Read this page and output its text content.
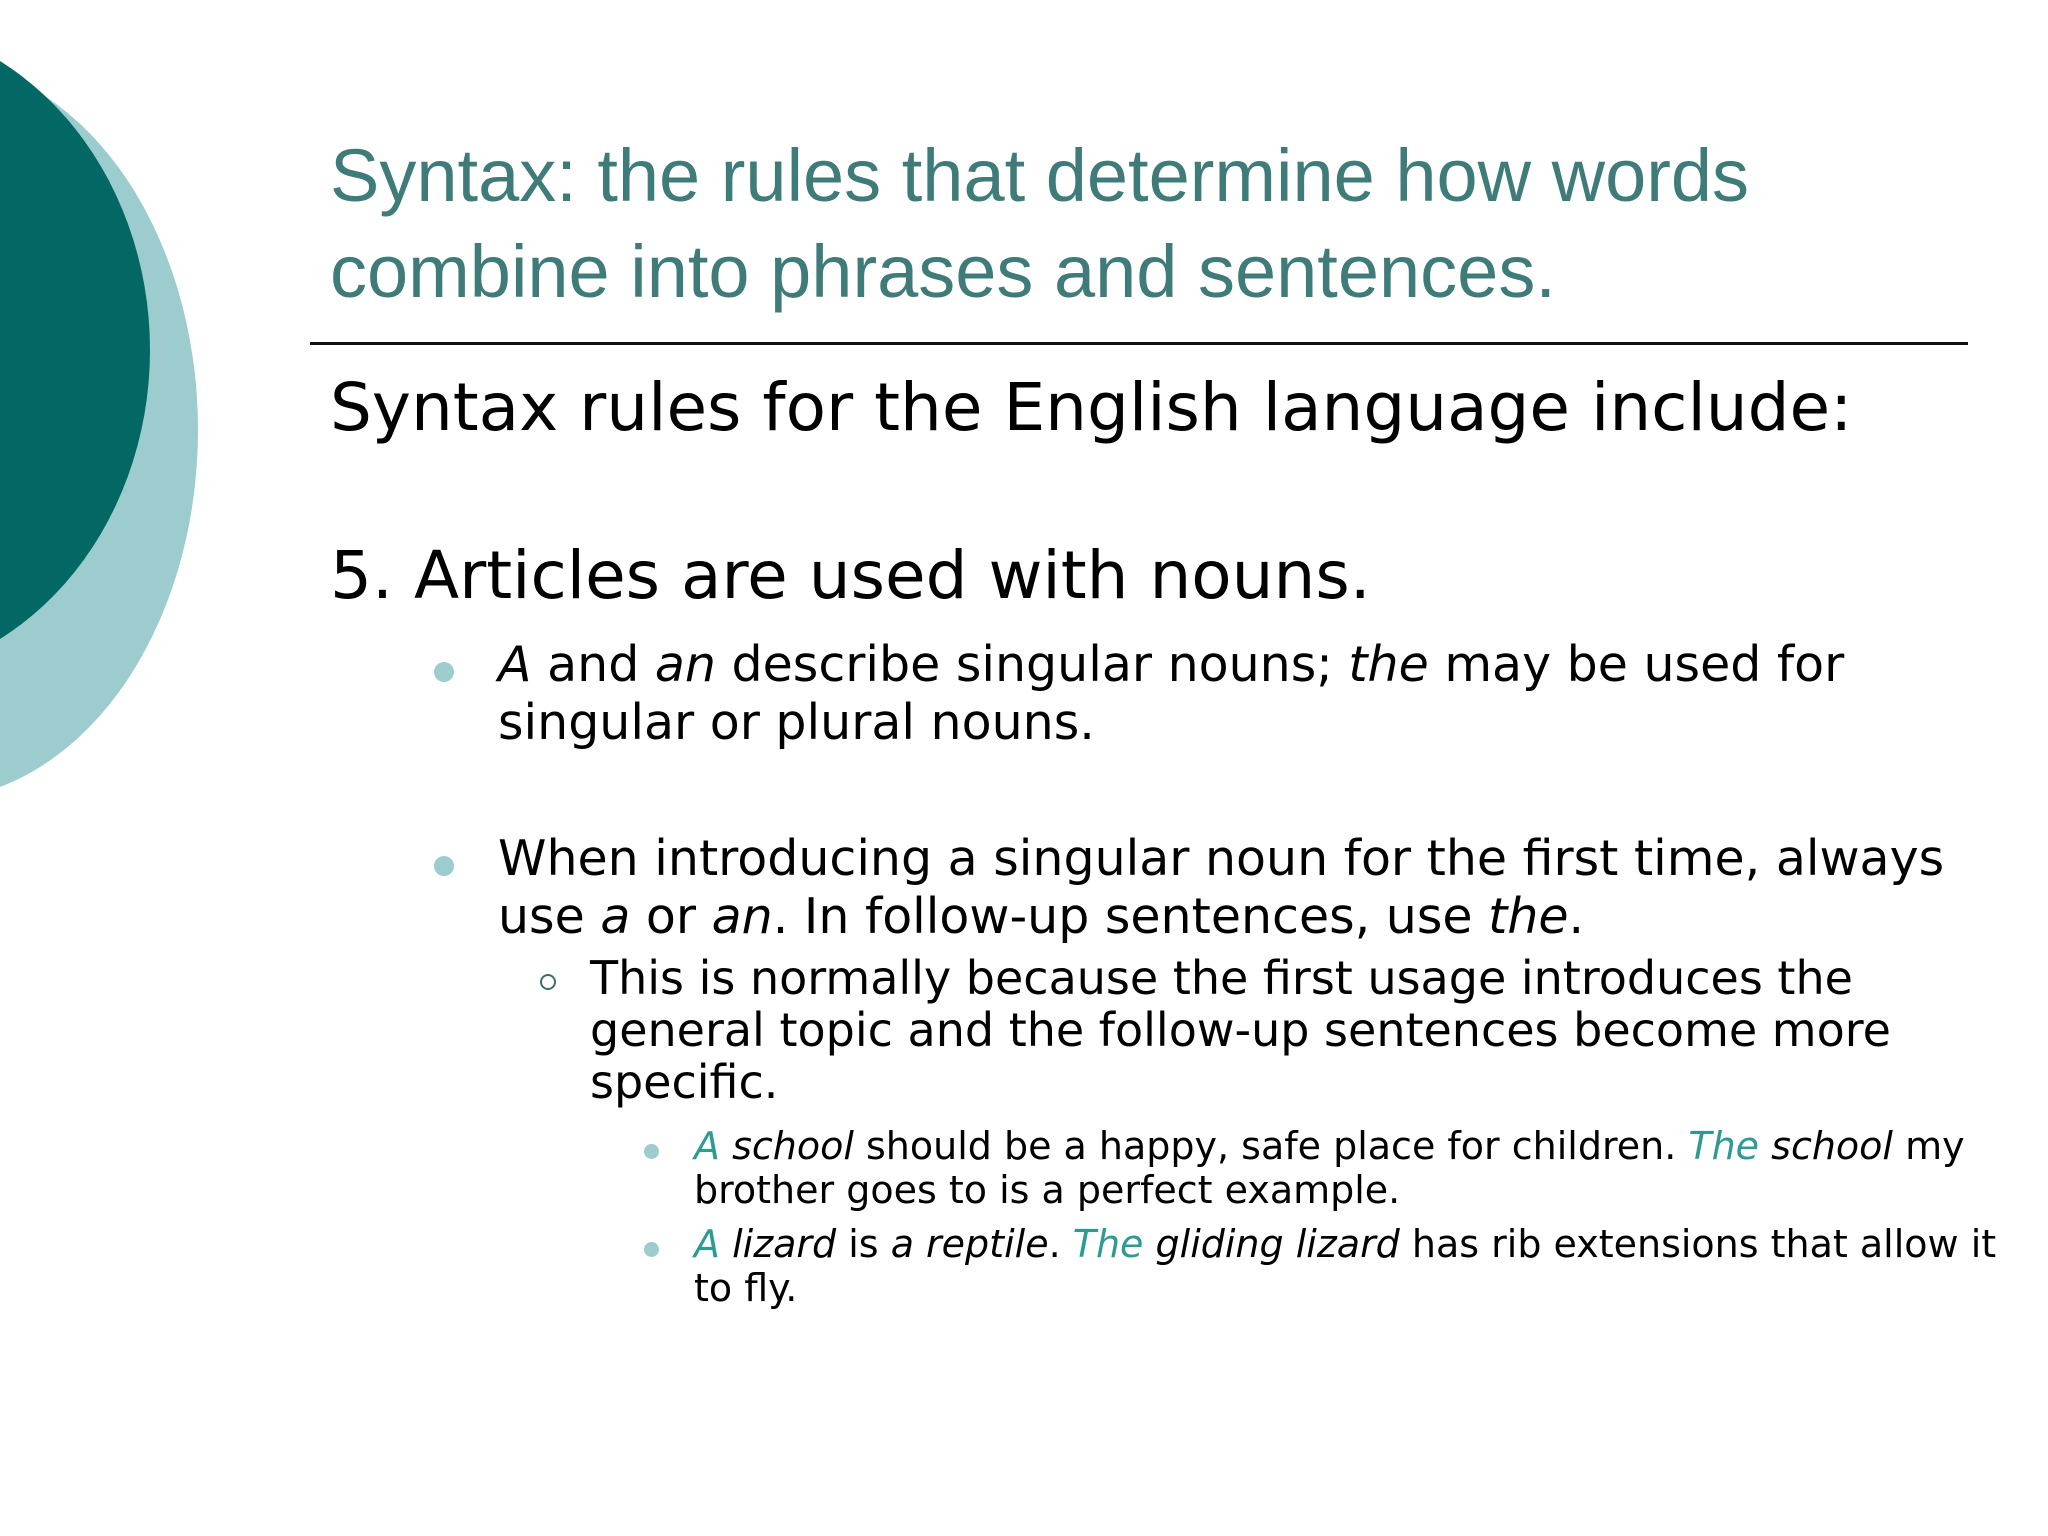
Syntax: the rules that determine how words
combine into phrases and sentences.

Syntax rules for the English language include:

5. Articles are used with nouns.

A and an describe singular nouns; the may be used for singular or plural nouns.
When introducing a singular noun for the first time, always use a or an. In follow-up sentences, use the.
This is normally because the first usage introduces the general topic and the follow-up sentences become more specific.
A school should be a happy, safe place for children. The school my brother goes to is a perfect example.
A lizard is a reptile. The gliding lizard has rib extensions that allow it to fly.
